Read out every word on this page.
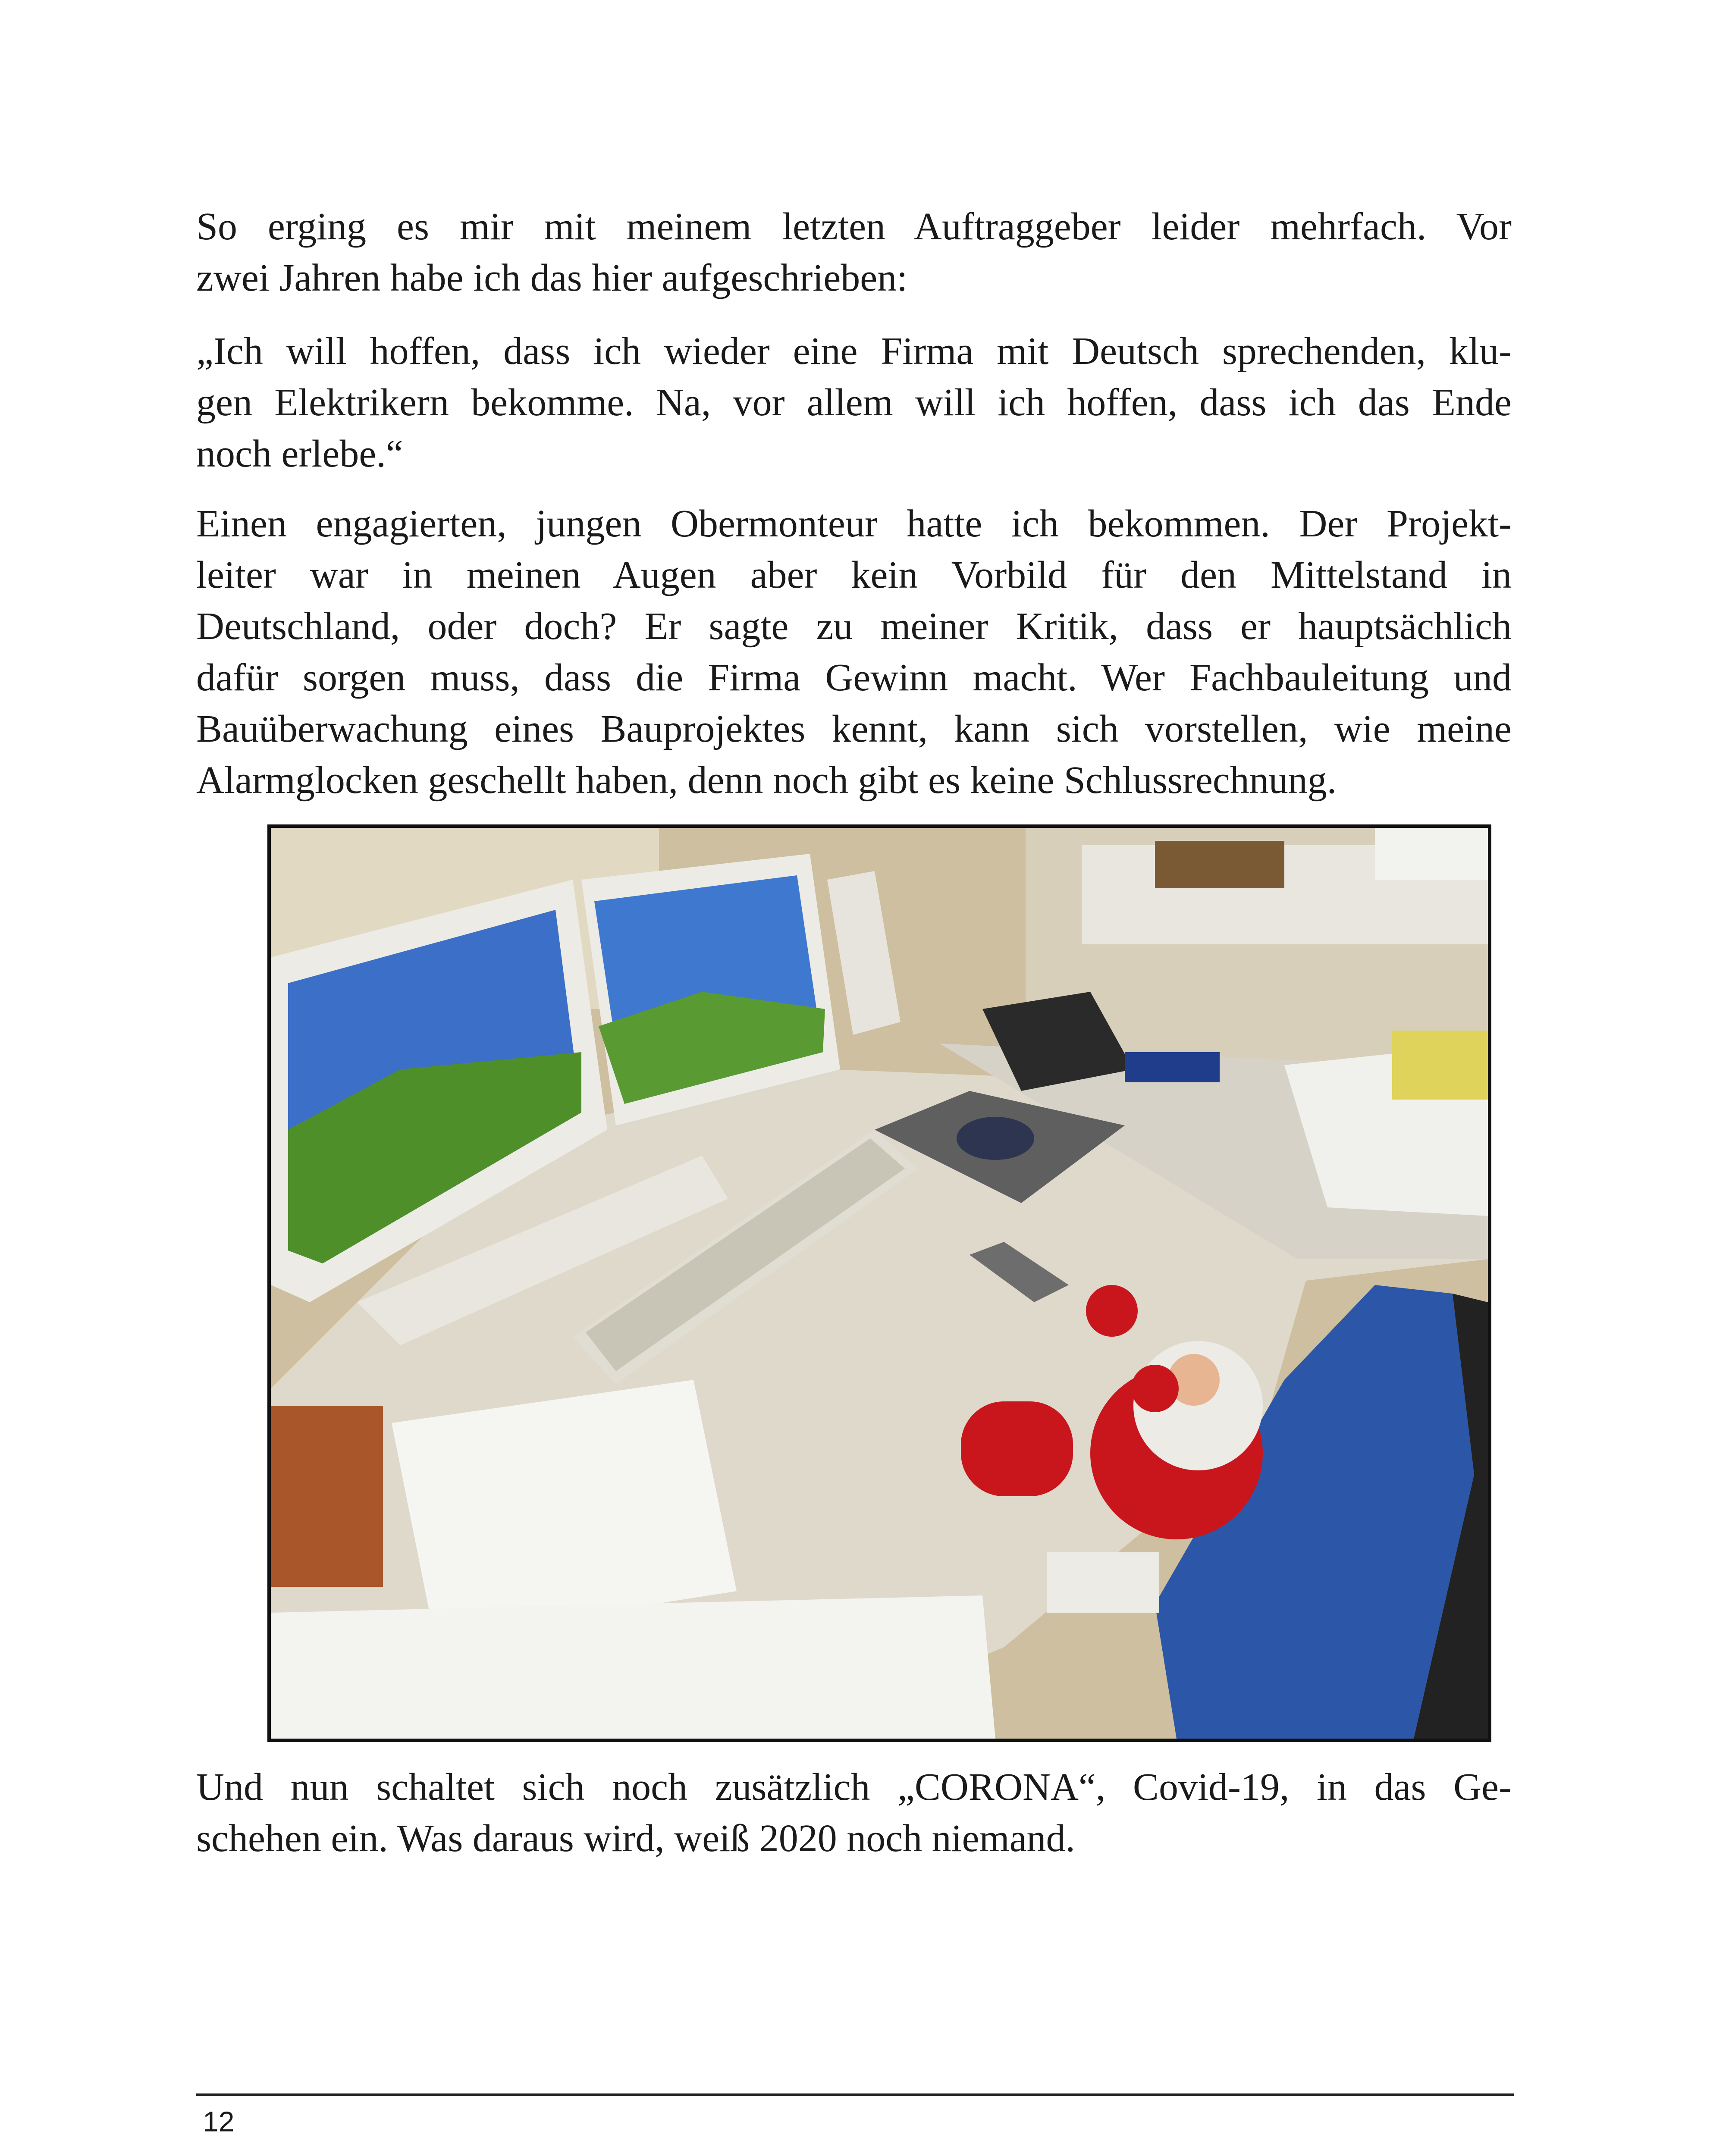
So erging es mir mit meinem letzten Auftraggeber leider mehrfach. Vor
zwei Jahren habe ich das hier aufgeschrieben:

„Ich will hoffen, dass ich wieder eine Firma mit Deutsch sprechenden, klu-
gen Elektrikern bekomme. Na, vor allem will ich hoffen, dass ich das Ende
noch erlebe.“

Einen engagierten, jungen Obermonteur hatte ich bekommen. Der Projekt-
leiter war in meinen Augen aber kein Vorbild für den Mittelstand in
Deutschland, oder doch? Er sagte zu meiner Kritik, dass er hauptsächlich
dafür sorgen muss, dass die Firma Gewinn macht. Wer Fachbauleitung und
Bauüberwachung eines Bauprojektes kennt, kann sich vorstellen, wie meine
Alarmglocken geschellt haben, denn noch gibt es keine Schlussrechnung.

Und nun schaltet sich noch zusätzlich „CORONA“, Covid-19, in das Ge-
schehen ein. Was daraus wird, weiß 2020 noch niemand.

12
